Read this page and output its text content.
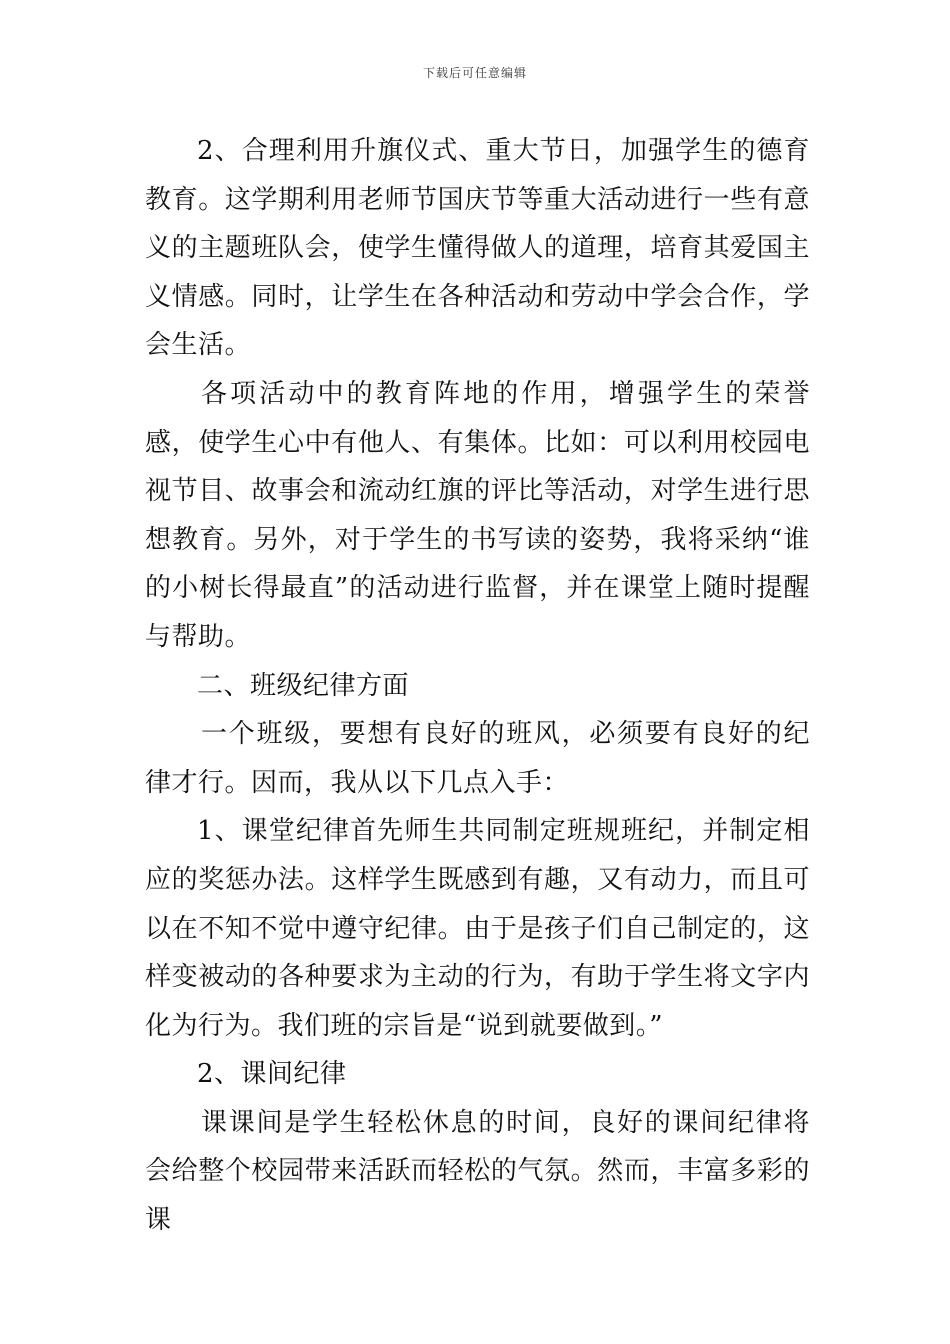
下载后可任意编辑

2、合理利用升旗仪式、重大节日，加强学生的德育教育。这学期利用老师节国庆节等重大活动进行一些有意义的主题班队会，使学生懂得做人的道理，培育其爱国主义情感。同时，让学生在各种活动和劳动中学会合作，学会生活。

各项活动中的教育阵地的作用，增强学生的荣誉感，使学生心中有他人、有集体。比如：可以利用校园电视节目、故事会和流动红旗的评比等活动，对学生进行思想教育。另外，对于学生的书写读的姿势，我将采纳“谁的小树长得最直”的活动进行监督，并在课堂上随时提醒与帮助。

二、班级纪律方面

一个班级，要想有良好的班风，必须要有良好的纪律才行。因而，我从以下几点入手：

1、课堂纪律首先师生共同制定班规班纪，并制定相应的奖惩办法。这样学生既感到有趣，又有动力，而且可以在不知不觉中遵守纪律。由于是孩子们自己制定的，这样变被动的各种要求为主动的行为，有助于学生将文字内化为行为。我们班的宗旨是“说到就要做到。”

2、课间纪律

课课间是学生轻松休息的时间，良好的课间纪律将会给整个校园带来活跃而轻松的气氛。然而，丰富多彩的课
